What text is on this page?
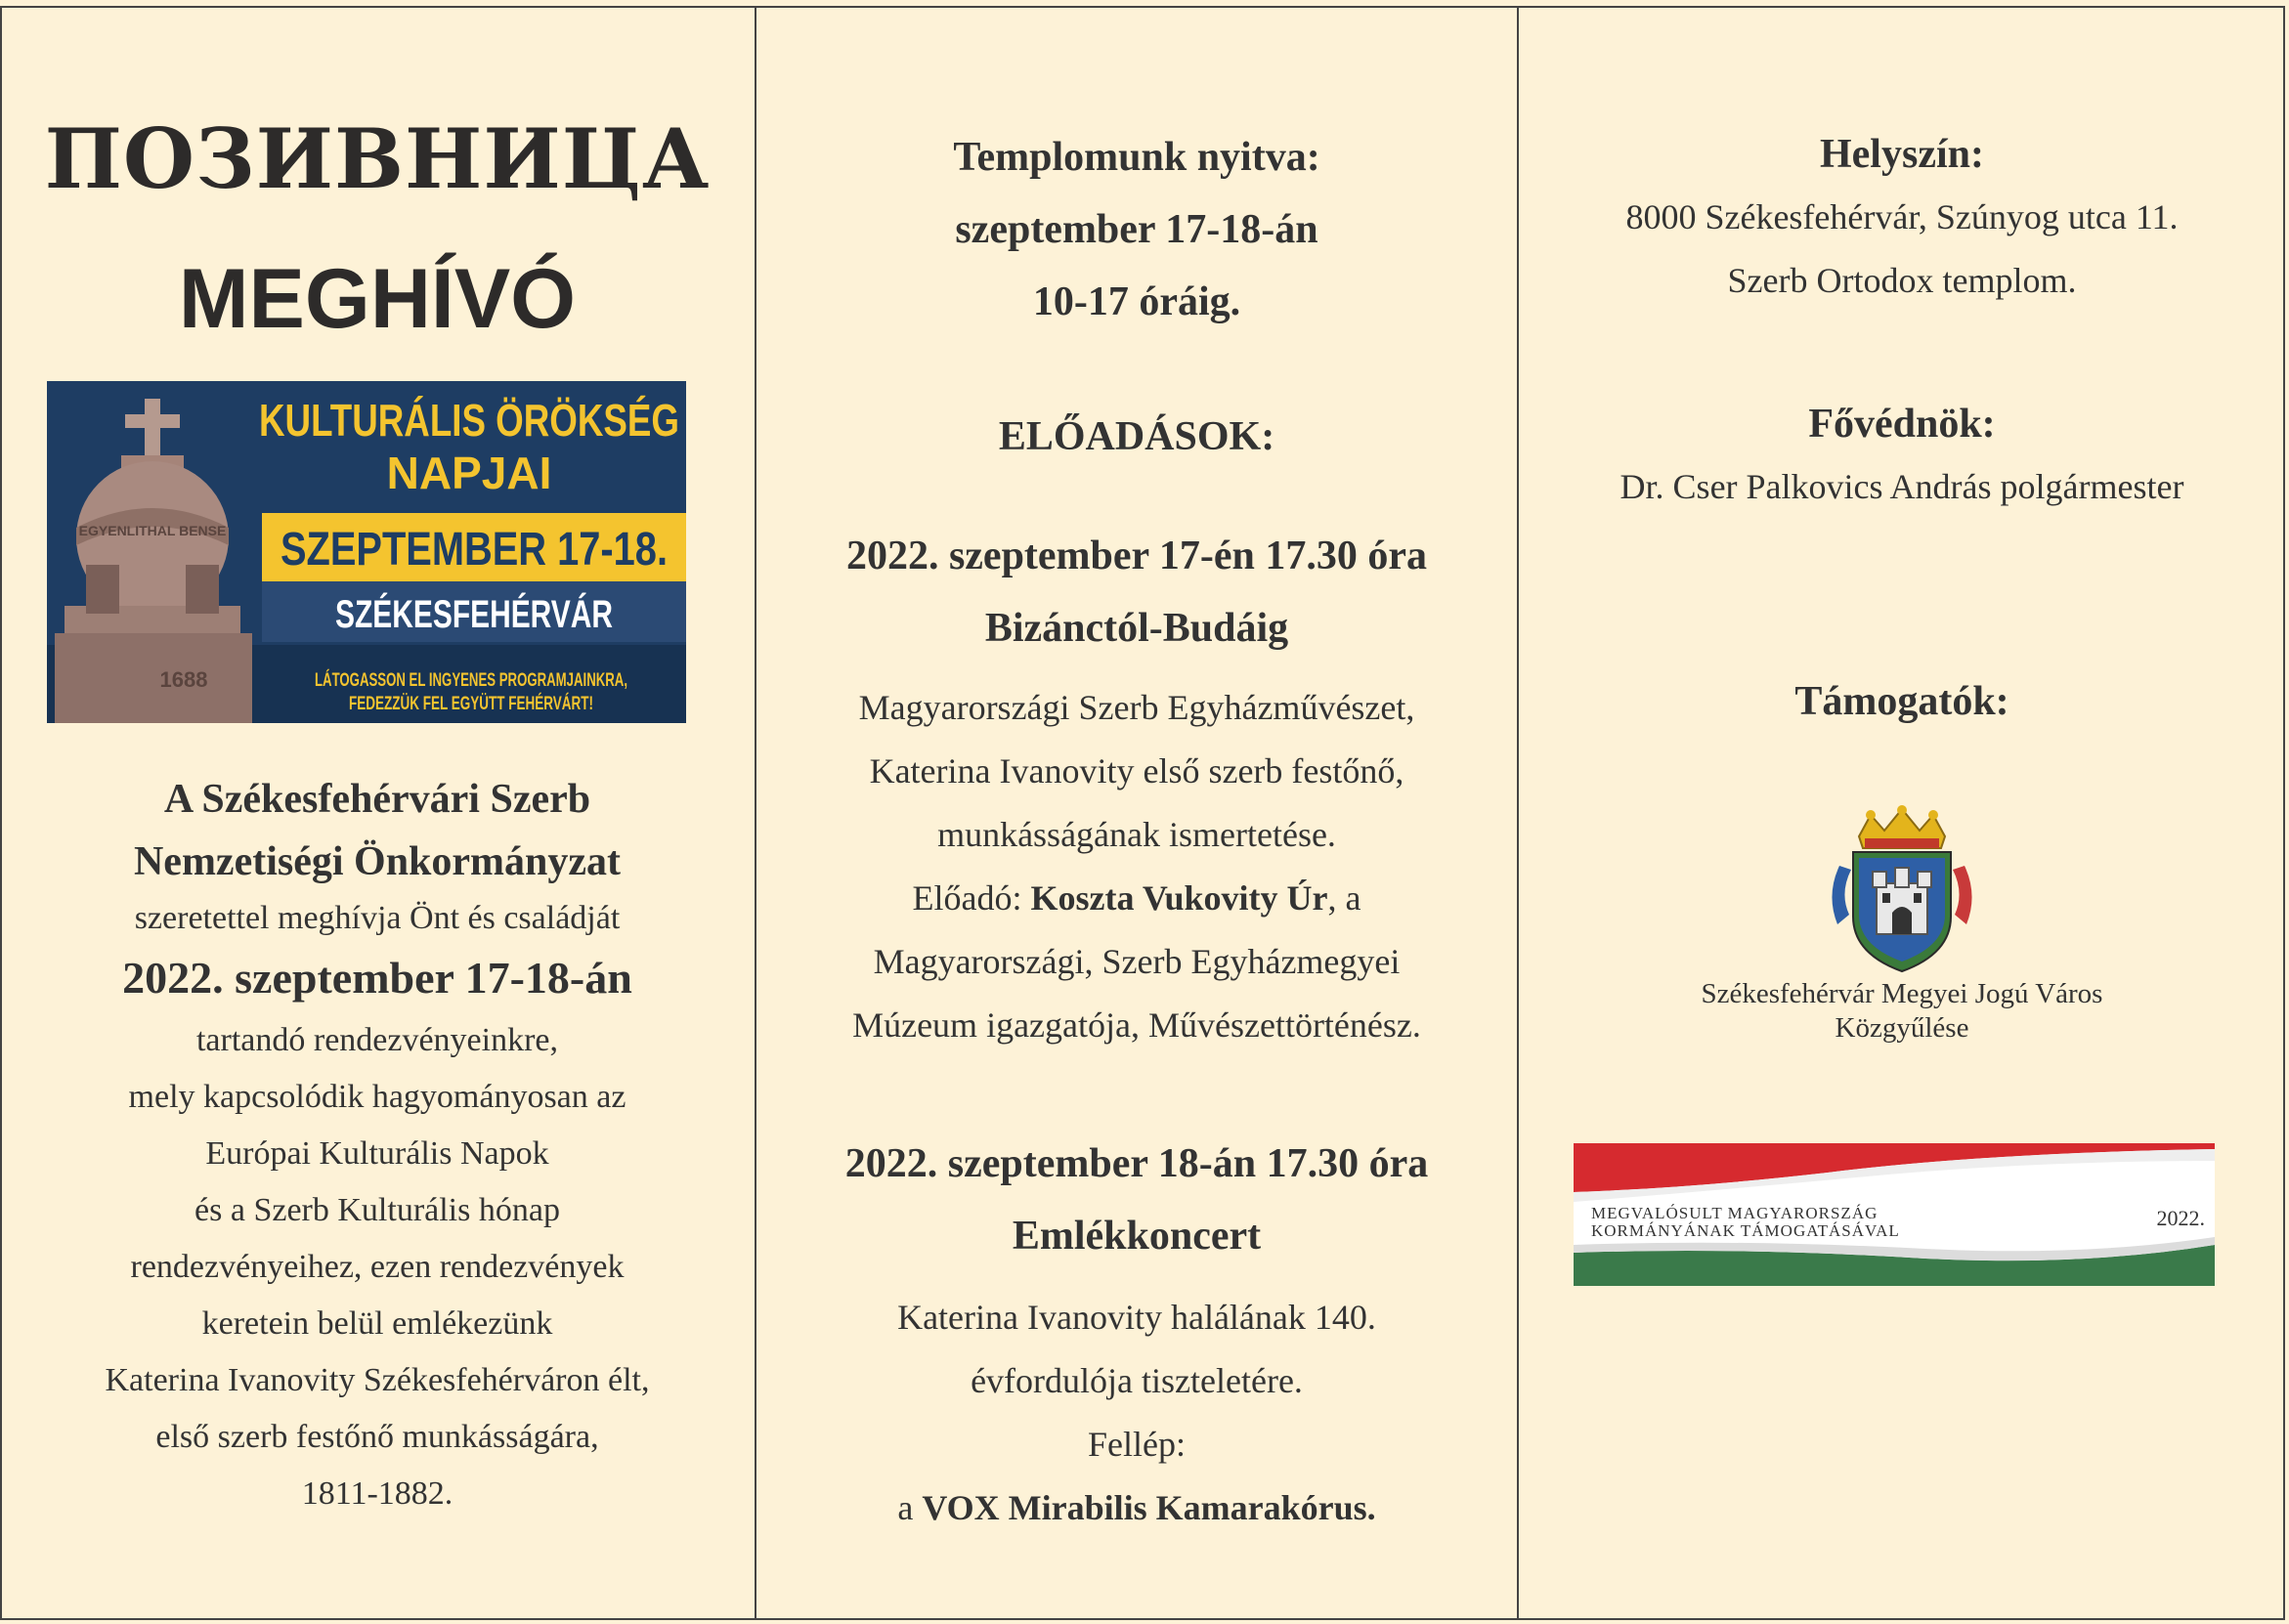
ПОЗИВНИЦА
MEGHÍVÓ
EGYENLITHAL BENSE
1688
KULTURÁLIS ÖRÖKSÉG
NAPJAI
SZEPTEMBER 17-18.
SZÉKESFEHÉRVÁR
LÁTOGASSON EL INGYENES PROGRAMJAINKRA,
FEDEZZÜK FEL EGYÜTT FEHÉRVÁRT!

A Székesfehérvári Szerb

Nemzetiségi Önkormányzat

szeretettel meghívja Önt és családját

2022. szeptember 17-18-án

tartandó rendezvényeinkre,

mely kapcsolódik hagyományosan az

Európai Kulturális Napok

és a Szerb Kulturális hónap

rendezvényeihez, ezen rendezvények

keretein belül emlékezünk

Katerina Ivanovity Székesfehérváron élt,

első szerb festőnő munkásságára,

1811-1882.

Templomunk nyitva:

szeptember 17-18-án

10-17 óráig.

ELŐADÁSOK:

2022. szeptember 17-én 17.30 óra

Bizánctól-Budáig

Magyarországi Szerb Egyházművészet,

Katerina Ivanovity első szerb festőnő,

munkásságának ismertetése.

Előadó: Koszta Vukovity Úr, a

Magyarországi, Szerb Egyházmegyei

Múzeum igazgatója, Művészettörténész.

2022. szeptember 18-án 17.30 óra

Emlékkoncert

Katerina Ivanovity halálának 140.

évfordulója tiszteletére.

Fellép:

a VOX Mirabilis Kamarakórus.

Helyszín:

8000 Székesfehérvár, Szúnyog utca 11.

Szerb Ortodox templom.

Fővédnök:

Dr. Cser Palkovics András polgármester

Támogatók:

Székesfehérvár Megyei Jogú Város

Közgyűlése

MEGVALÓSULT MAGYARORSZÁG
KORMÁNYÁNAK TÁMOGATÁSÁVAL
2022.
